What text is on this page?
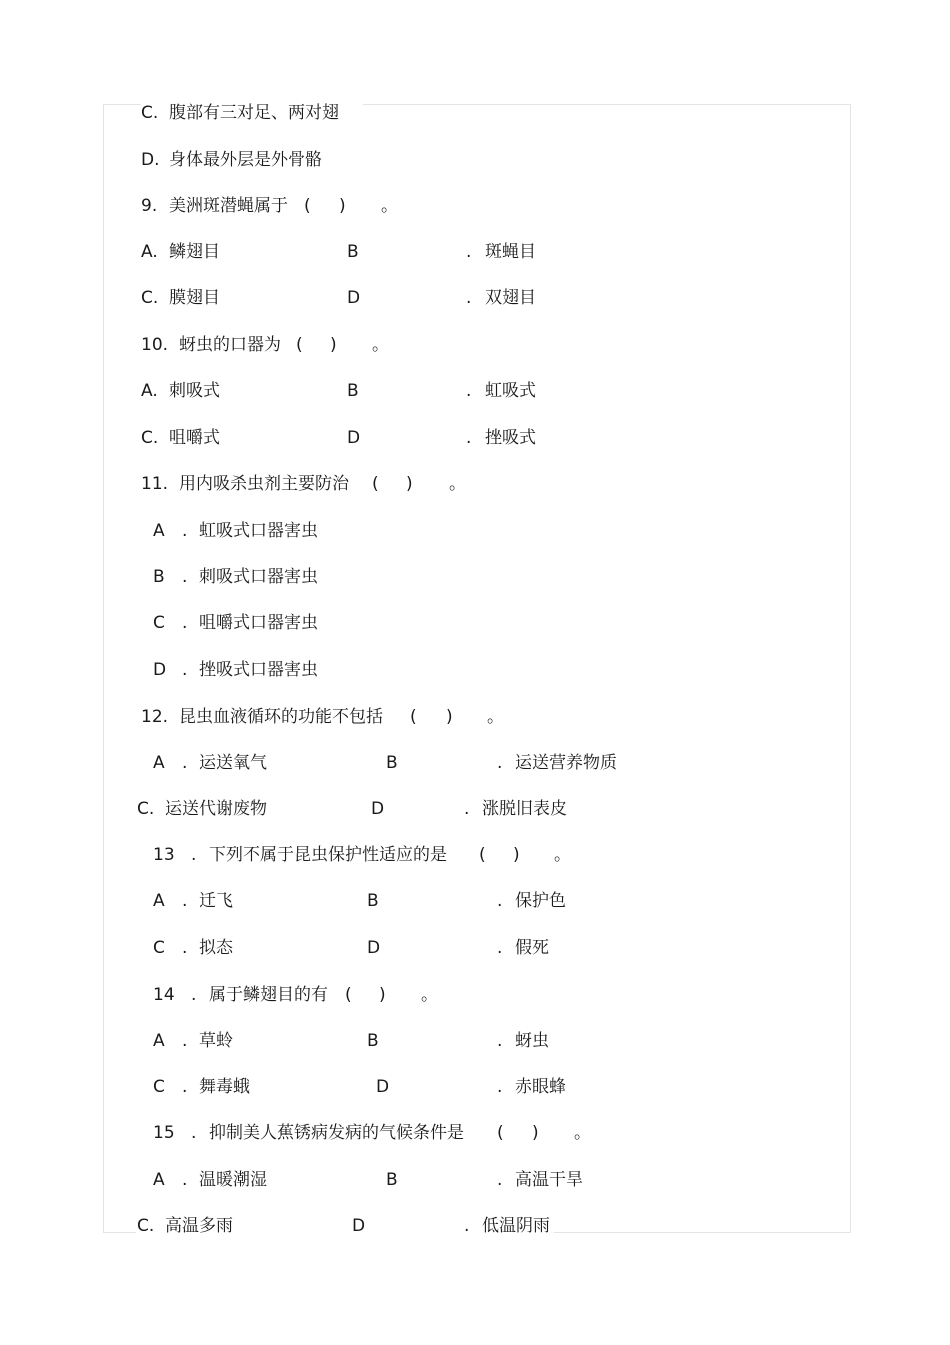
C. 腹部有三对足、两对翅
D. 身体最外层是外骨骼
9. 美洲斑潜蝇属于 ( ) 。
A. 鳞翅目	B	. 斑蝇目
C. 膜翅目	D	. 双翅目
10. 蚜虫的口器为 ( ) 。
A. 刺吸式	B	. 虹吸式
C. 咀嚼式	D	. 挫吸式
11. 用内吸杀虫剂主要防治 ( ) 。
A . 虹吸式口器害虫
B . 刺吸式口器害虫
C . 咀嚼式口器害虫
D . 挫吸式口器害虫
12. 昆虫血液循环的功能不包括 ( ) 。
A . 运送氧气	B	. 运送营养物质
C. 运送代谢废物	D	. 涨脱旧表皮
13 . 下列不属于昆虫保护性适应的是 ( ) 。
A . 迁飞	B	. 保护色
C . 拟态	D	. 假死
14 . 属于鳞翅目的有 ( ) 。
A . 草蛉	B	. 蚜虫
C . 舞毒蛾	D	. 赤眼蜂
15 . 抑制美人蕉锈病发病的气候条件是 ( ) 。
A . 温暖潮湿	B	. 高温干旱
C. 高温多雨	D	. 低温阴雨
